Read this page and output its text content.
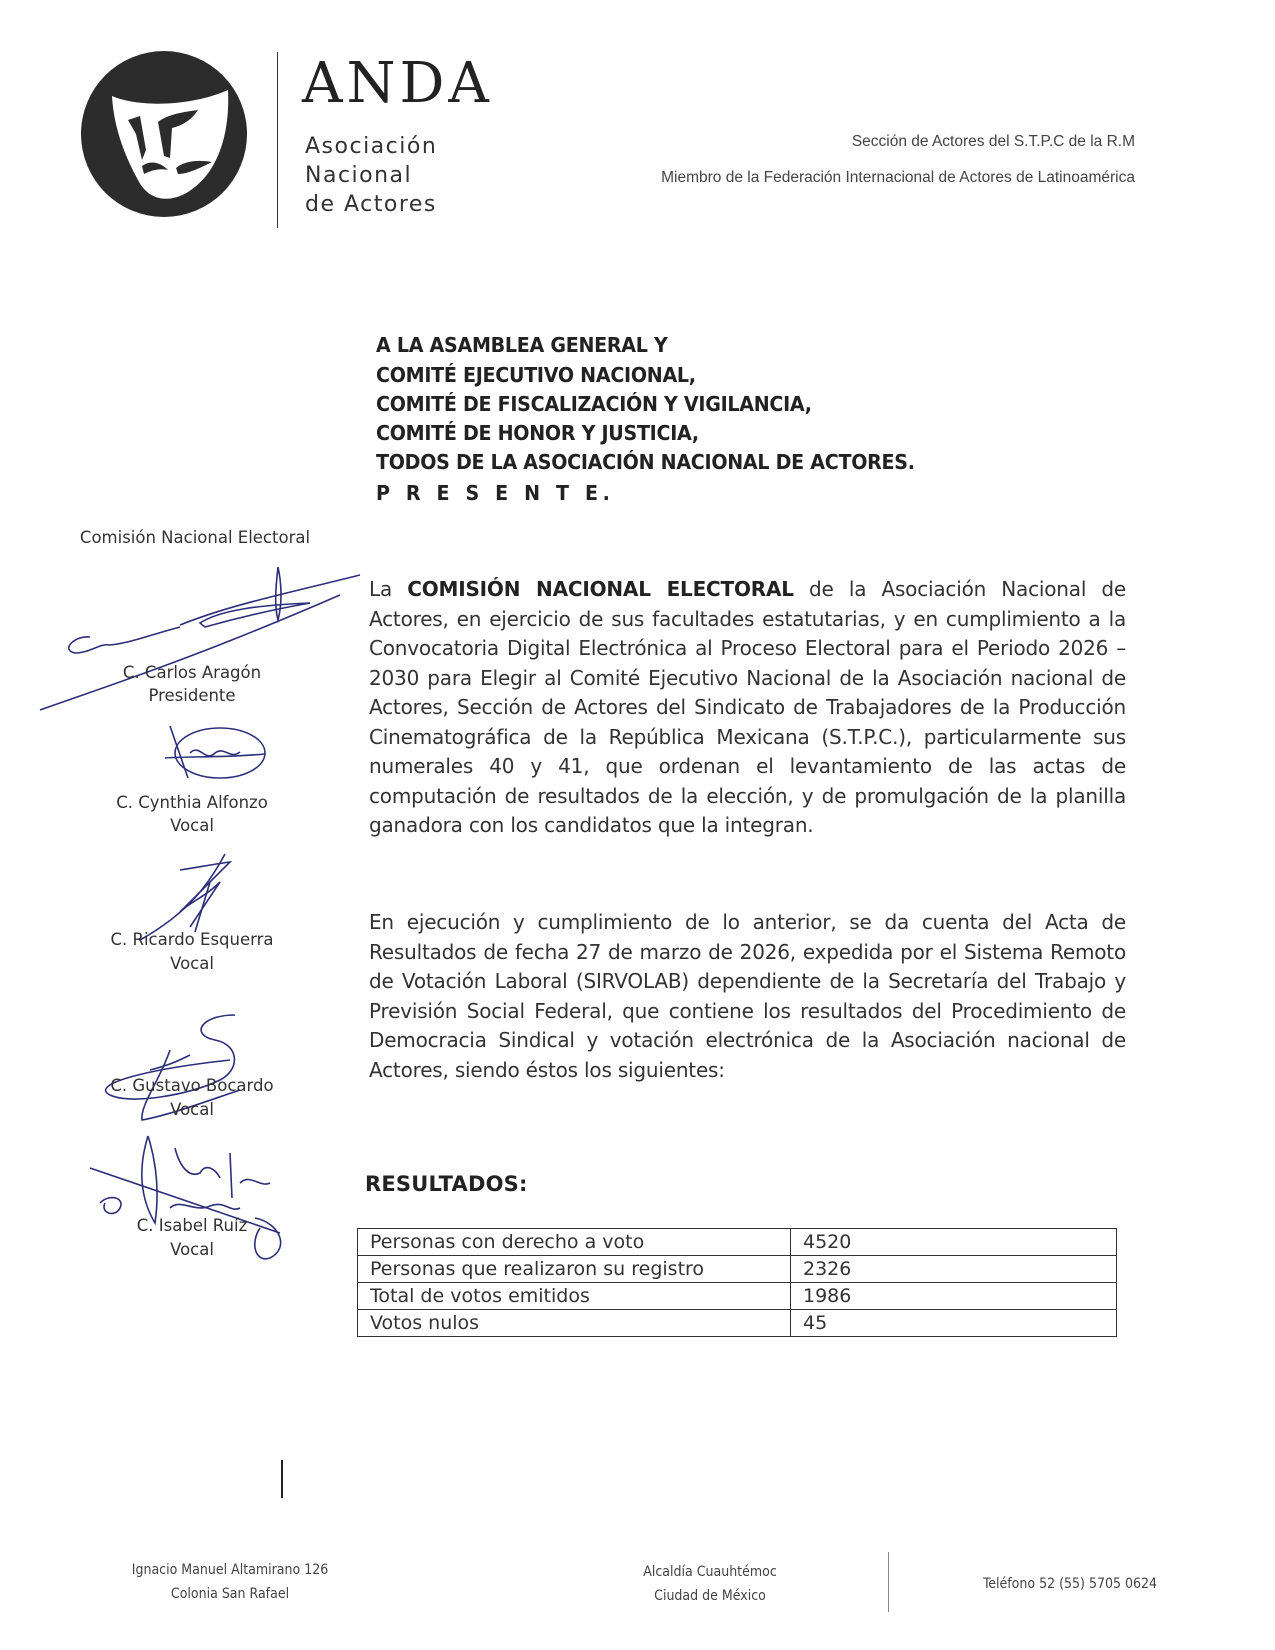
ANDA
Asociación
Nacional
de Actores
Sección de Actores del S.T.P.C de la R.M
Miembro de la Federación Internacional de Actores de Latinoamérica
A LA ASAMBLEA GENERAL Y
COMITÉ EJECUTIVO NACIONAL,
COMITÉ DE FISCALIZACIÓN Y VIGILANCIA,
COMITÉ DE HONOR Y JUSTICIA,
TODOS DE LA ASOCIACIÓN NACIONAL DE ACTORES.
P R E S E N T E.
Comisión Nacional Electoral
C. Carlos Aragón
Presidente
C. Cynthia Alfonzo
Vocal
C. Ricardo Esquerra
Vocal
C. Gustavo Bocardo
Vocal
C. Isabel Ruíz
Vocal
La COMISIÓN NACIONAL ELECTORAL de la Asociación Nacional de Actores, en ejercicio de sus facultades estatutarias, y en cumplimiento a la Convocatoria Digital Electrónica al Proceso Electoral para el Periodo 2026 – 2030 para Elegir al Comité Ejecutivo Nacional de la Asociación nacional de Actores, Sección de Actores del Sindicato de Trabajadores de la Producción Cinematográfica de la República Mexicana (S.T.P.C.), particularmente sus numerales 40 y 41, que ordenan el levantamiento de las actas de computación de resultados de la elección, y de promulgación de la planilla ganadora con los candidatos que la integran.
En ejecución y cumplimiento de lo anterior, se da cuenta del Acta de Resultados de fecha 27 de marzo de 2026, expedida por el Sistema Remoto de Votación Laboral (SIRVOLAB) dependiente de la Secretaría del Trabajo y Previsión Social Federal, que contiene los resultados del Procedimiento de Democracia Sindical y votación electrónica de la Asociación nacional de Actores, siendo éstos los siguientes:
RESULTADOS:
Personas con derecho a voto	4520
Personas que realizaron su registro	2326
Total de votos emitidos	1986
Votos nulos	45
Ignacio Manuel Altamirano 126
Colonia San Rafael
Alcaldía Cuauhtémoc
Ciudad de México
Teléfono 52 (55) 5705 0624
